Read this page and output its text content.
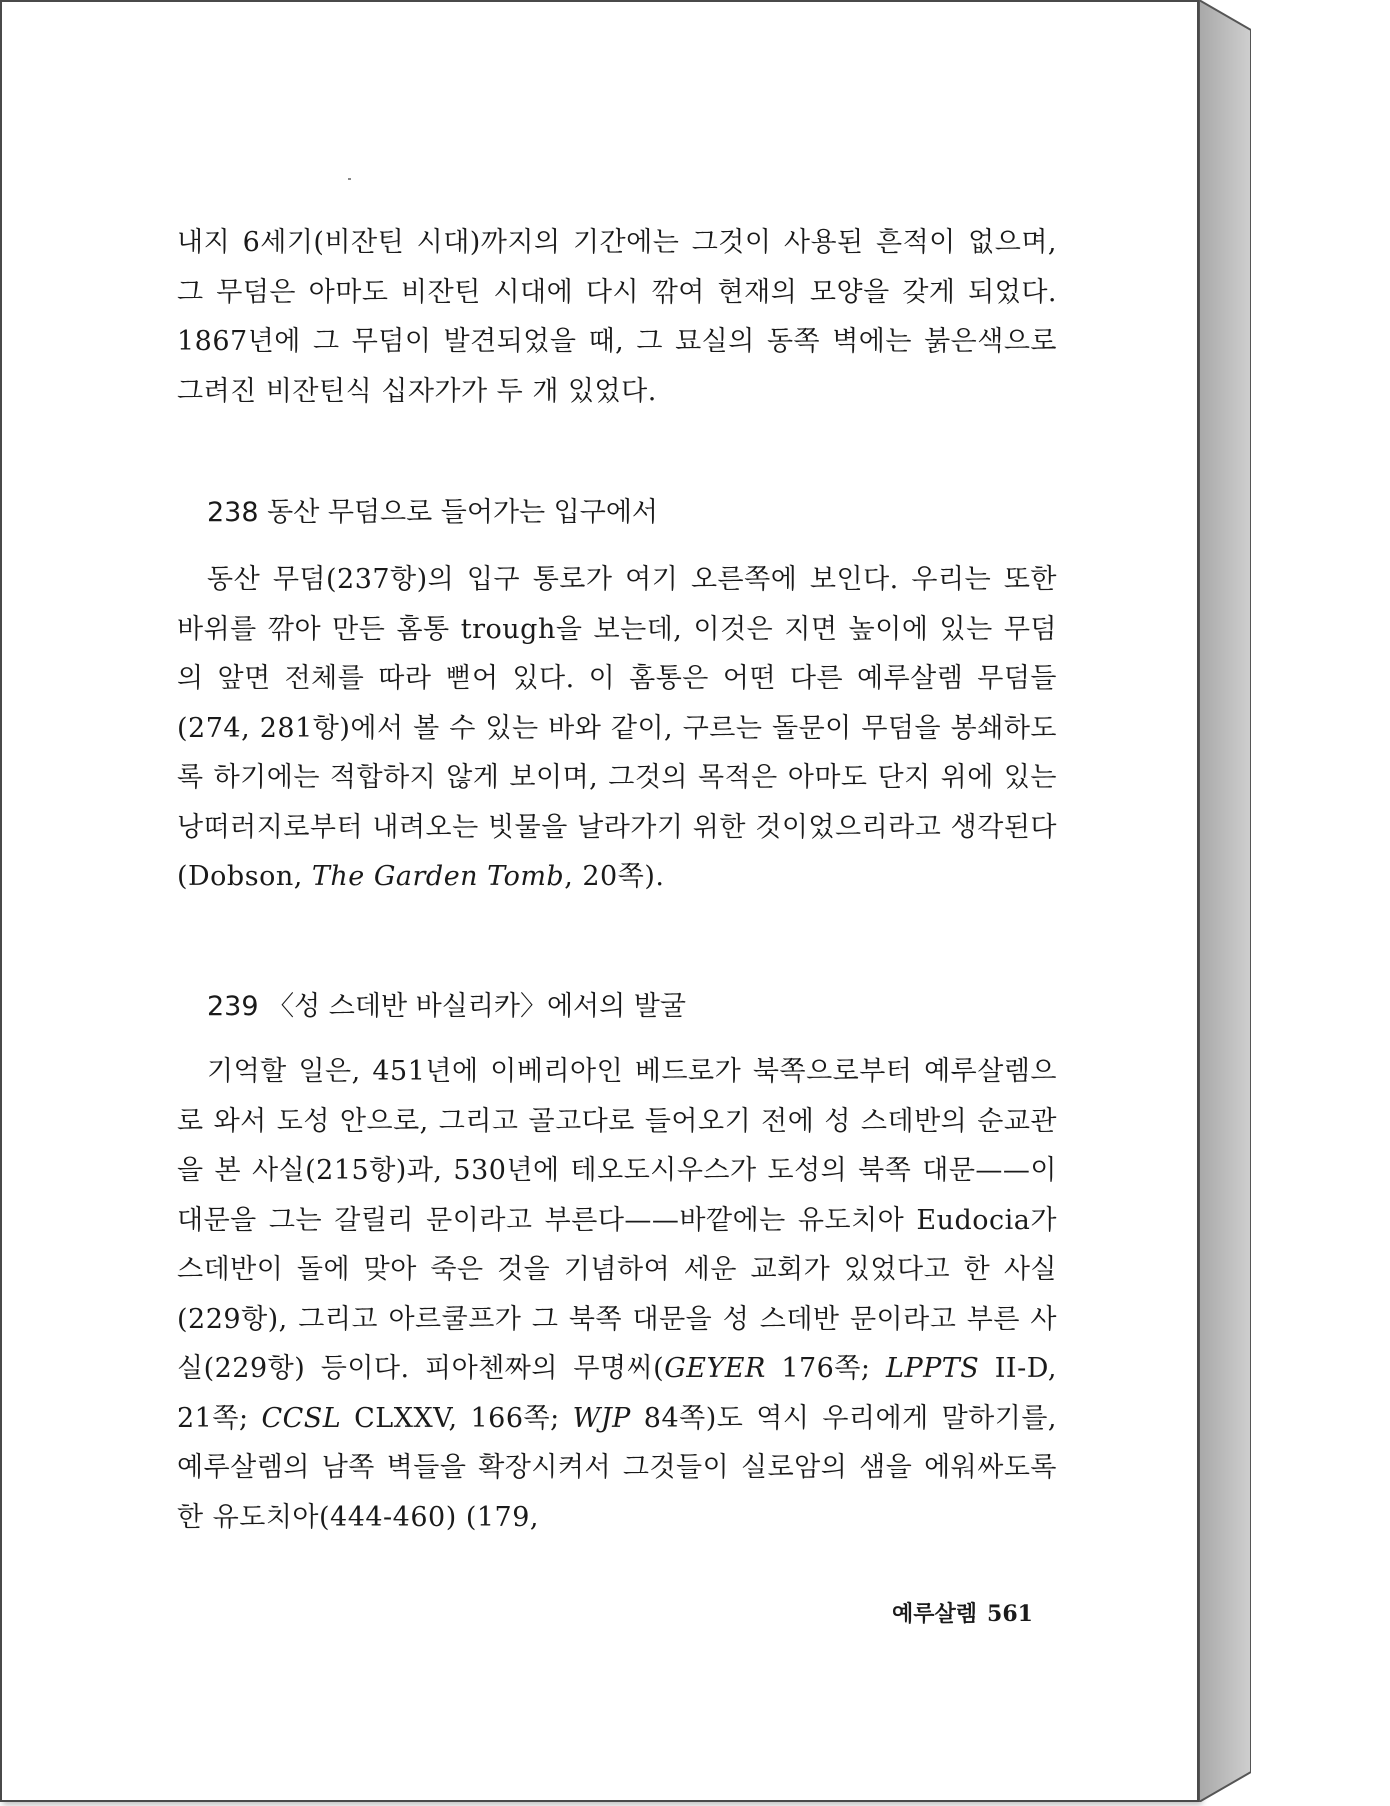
내지 6세기(비잔틴 시대)까지의 기간에는 그것이 사용된 흔적이 없으며, 그 무덤은 아마도 비잔틴 시대에 다시 깎여 현재의 모양을 갖게 되었다. 1867년에 그 무덤이 발견되었을 때, 그 묘실의 동쪽 벽에는 붉은색으로 그려진 비잔틴식 십자가가 두 개 있었다.

238 동산 무덤으로 들어가는 입구에서

동산 무덤(237항)의 입구 통로가 여기 오른쪽에 보인다. 우리는 또한 바위를 깎아 만든 홈통 trough을 보는데, 이것은 지면 높이에 있는 무덤의 앞면 전체를 따라 뻗어 있다. 이 홈통은 어떤 다른 예루살렘 무덤들(274, 281항)에서 볼 수 있는 바와 같이, 구르는 돌문이 무덤을 봉쇄하도록 하기에는 적합하지 않게 보이며, 그것의 목적은 아마도 단지 위에 있는 낭떠러지로부터 내려오는 빗물을 날라가기 위한 것이었으리라고 생각된다(Dobson, The Garden Tomb, 20쪽).

239 〈성 스데반 바실리카〉에서의 발굴

기억할 일은, 451년에 이베리아인 베드로가 북쪽으로부터 예루살렘으로 와서 도성 안으로, 그리고 골고다로 들어오기 전에 성 스데반의 순교관을 본 사실(215항)과, 530년에 테오도시우스가 도성의 북쪽 대문——이 대문을 그는 갈릴리 문이라고 부른다——바깥에는 유도치아 Eudocia가 스데반이 돌에 맞아 죽은 것을 기념하여 세운 교회가 있었다고 한 사실(229항), 그리고 아르쿨프가 그 북쪽 대문을 성 스데반 문이라고 부른 사실(229항) 등이다. 피아첸짜의 무명씨(GEYER 176쪽; LPPTS II-D, 21쪽; CCSL CLXXV, 166쪽; WJP 84쪽)도 역시 우리에게 말하기를, 예루살렘의 남쪽 벽들을 확장시켜서 그것들이 실로암의 샘을 에워싸도록 한 유도치아(444-460) (179,

예루살렘 561
